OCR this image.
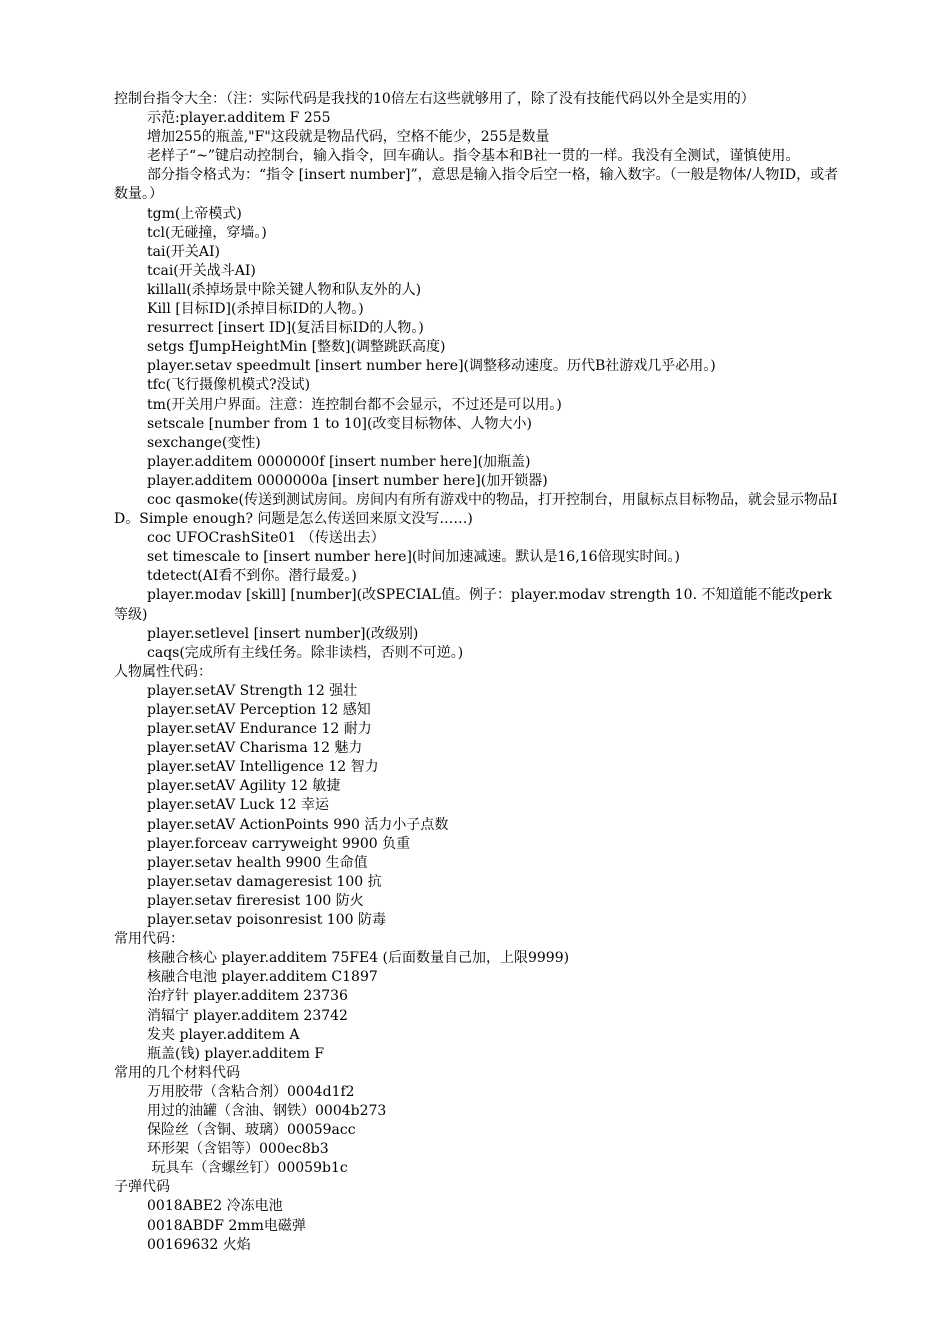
控制台指令大全：（注：实际代码是我找的10倍左右这些就够用了，除了没有技能代码以外全是实用的）
示范:player.additem F 255
增加255的瓶盖,"F"这段就是物品代码，空格不能少，255是数量
老样子“~”键启动控制台，输入指令，回车确认。指令基本和B社一贯的一样。我没有全测试，谨慎使用。
部分指令格式为：“指令 [insert number]”，意思是输入指令后空一格，输入数字。（一般是物体/人物ID，或者数量。）
tgm(上帝模式)
tcl(无碰撞，穿墙。)
tai(开关AI)
tcai(开关战斗AI)
killall(杀掉场景中除关键人物和队友外的人)
Kill [目标ID](杀掉目标ID的人物。)
resurrect [insert ID](复活目标ID的人物。)
setgs fJumpHeightMin [整数](调整跳跃高度)
player.setav speedmult [insert number here](调整移动速度。历代B社游戏几乎必用。)
tfc(飞行摄像机模式?没试)
tm(开关用户界面。注意：连控制台都不会显示，不过还是可以用。)
setscale [number from 1 to 10](改变目标物体、人物大小)
sexchange(变性)
player.additem 0000000f [insert number here](加瓶盖)
player.additem 0000000a [insert number here](加开锁器)
coc qasmoke(传送到测试房间。房间内有所有游戏中的物品，打开控制台，用鼠标点目标物品，就会显示物品ID。Simple enough? 问题是怎么传送回来原文没写……)
coc UFOCrashSite01 （传送出去）
set timescale to [insert number here](时间加速减速。默认是16,16倍现实时间。)
tdetect(AI看不到你。潜行最爱。)
player.modav [skill] [number](改SPECIAL值。例子：player.modav strength 10. 不知道能不能改perk等级)
player.setlevel [insert number](改级别)
caqs(完成所有主线任务。除非读档，否则不可逆。)
人物属性代码：
player.setAV Strength 12 强壮
player.setAV Perception 12 感知
player.setAV Endurance 12 耐力
player.setAV Charisma 12 魅力
player.setAV Intelligence 12 智力
player.setAV Agility 12 敏捷
player.setAV Luck 12 幸运
player.setAV ActionPoints 990 活力小子点数
player.forceav carryweight 9900 负重
player.setav health 9900 生命值
player.setav damageresist 100 抗
player.setav fireresist 100 防火
player.setav poisonresist 100 防毒
常用代码：
核融合核心 player.additem 75FE4 (后面数量自己加，上限9999)
核融合电池 player.additem C1897
治疗针 player.additem 23736
消辐宁 player.additem 23742
发夹 player.additem A
瓶盖(钱) player.additem F
常用的几个材料代码
万用胶带（含粘合剂）0004d1f2
用过的油罐（含油、钢铁）0004b273
保险丝（含铜、玻璃）00059acc
环形架（含铝等）000ec8b3
玩具车（含螺丝钉）00059b1c
子弹代码
0018ABE2 冷冻电池
0018ABDF 2mm电磁弹
00169632 火焰
